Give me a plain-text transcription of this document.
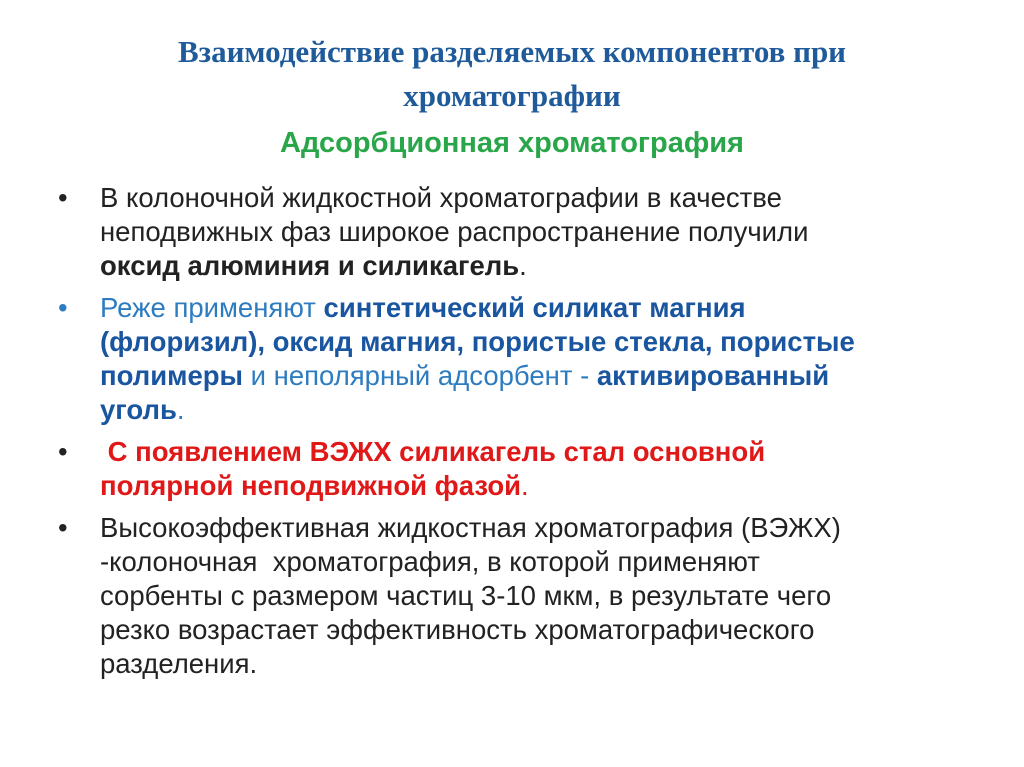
Взаимодействие разделяемых компонентов при
хроматографии
Адсорбционная хроматография
•	В колоночной жидкостной хроматографии в качестве
неподвижных фаз широкое распространение получили
оксид алюминия и силикагель.
•	Реже применяют синтетический силикат магния
(флоризил), оксид магния, пористые стекла, пористые
полимеры и неполярный адсорбент - активированный
уголь.
•	С появлением ВЭЖХ силикагель стал основной
полярной неподвижной фазой.
•	Высокоэффективная жидкостная хроматография (ВЭЖХ)
-колоночная  хроматография, в которой применяют
сорбенты с размером частиц 3-10 мкм, в результате чего
резко возрастает эффективность хроматографического
разделения.
